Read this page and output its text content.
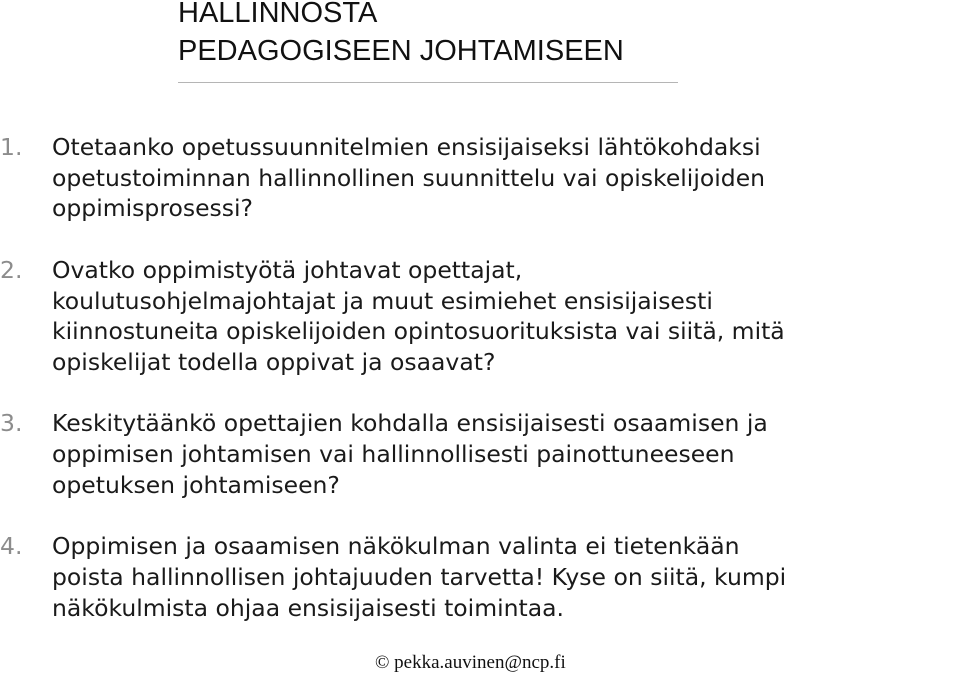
HALLINNOSTA
PEDAGOGISEEN JOHTAMISEEN
1. Otetaanko opetussuunnitelmien ensisijaiseksi lähtökohdaksi
opetustoiminnan hallinnollinen suunnittelu vai opiskelijoiden
oppimisprosessi?
2. Ovatko oppimistyötä johtavat opettajat,
koulutusohjelmajohtajat ja muut esimiehet ensisijaisesti
kiinnostuneita opiskelijoiden opintosuorituksista vai siitä, mitä
opiskelijat todella oppivat ja osaavat?
3. Keskitytäänkö opettajien kohdalla ensisijaisesti osaamisen ja
oppimisen johtamisen vai hallinnollisesti painottuneeseen
opetuksen johtamiseen?
4. Oppimisen ja osaamisen näkökulman valinta ei tietenkään
poista hallinnollisen johtajuuden tarvetta! Kyse on siitä, kumpi
näkökulmista ohjaa ensisijaisesti toimintaa.
© pekka.auvinen@ncp.fi
